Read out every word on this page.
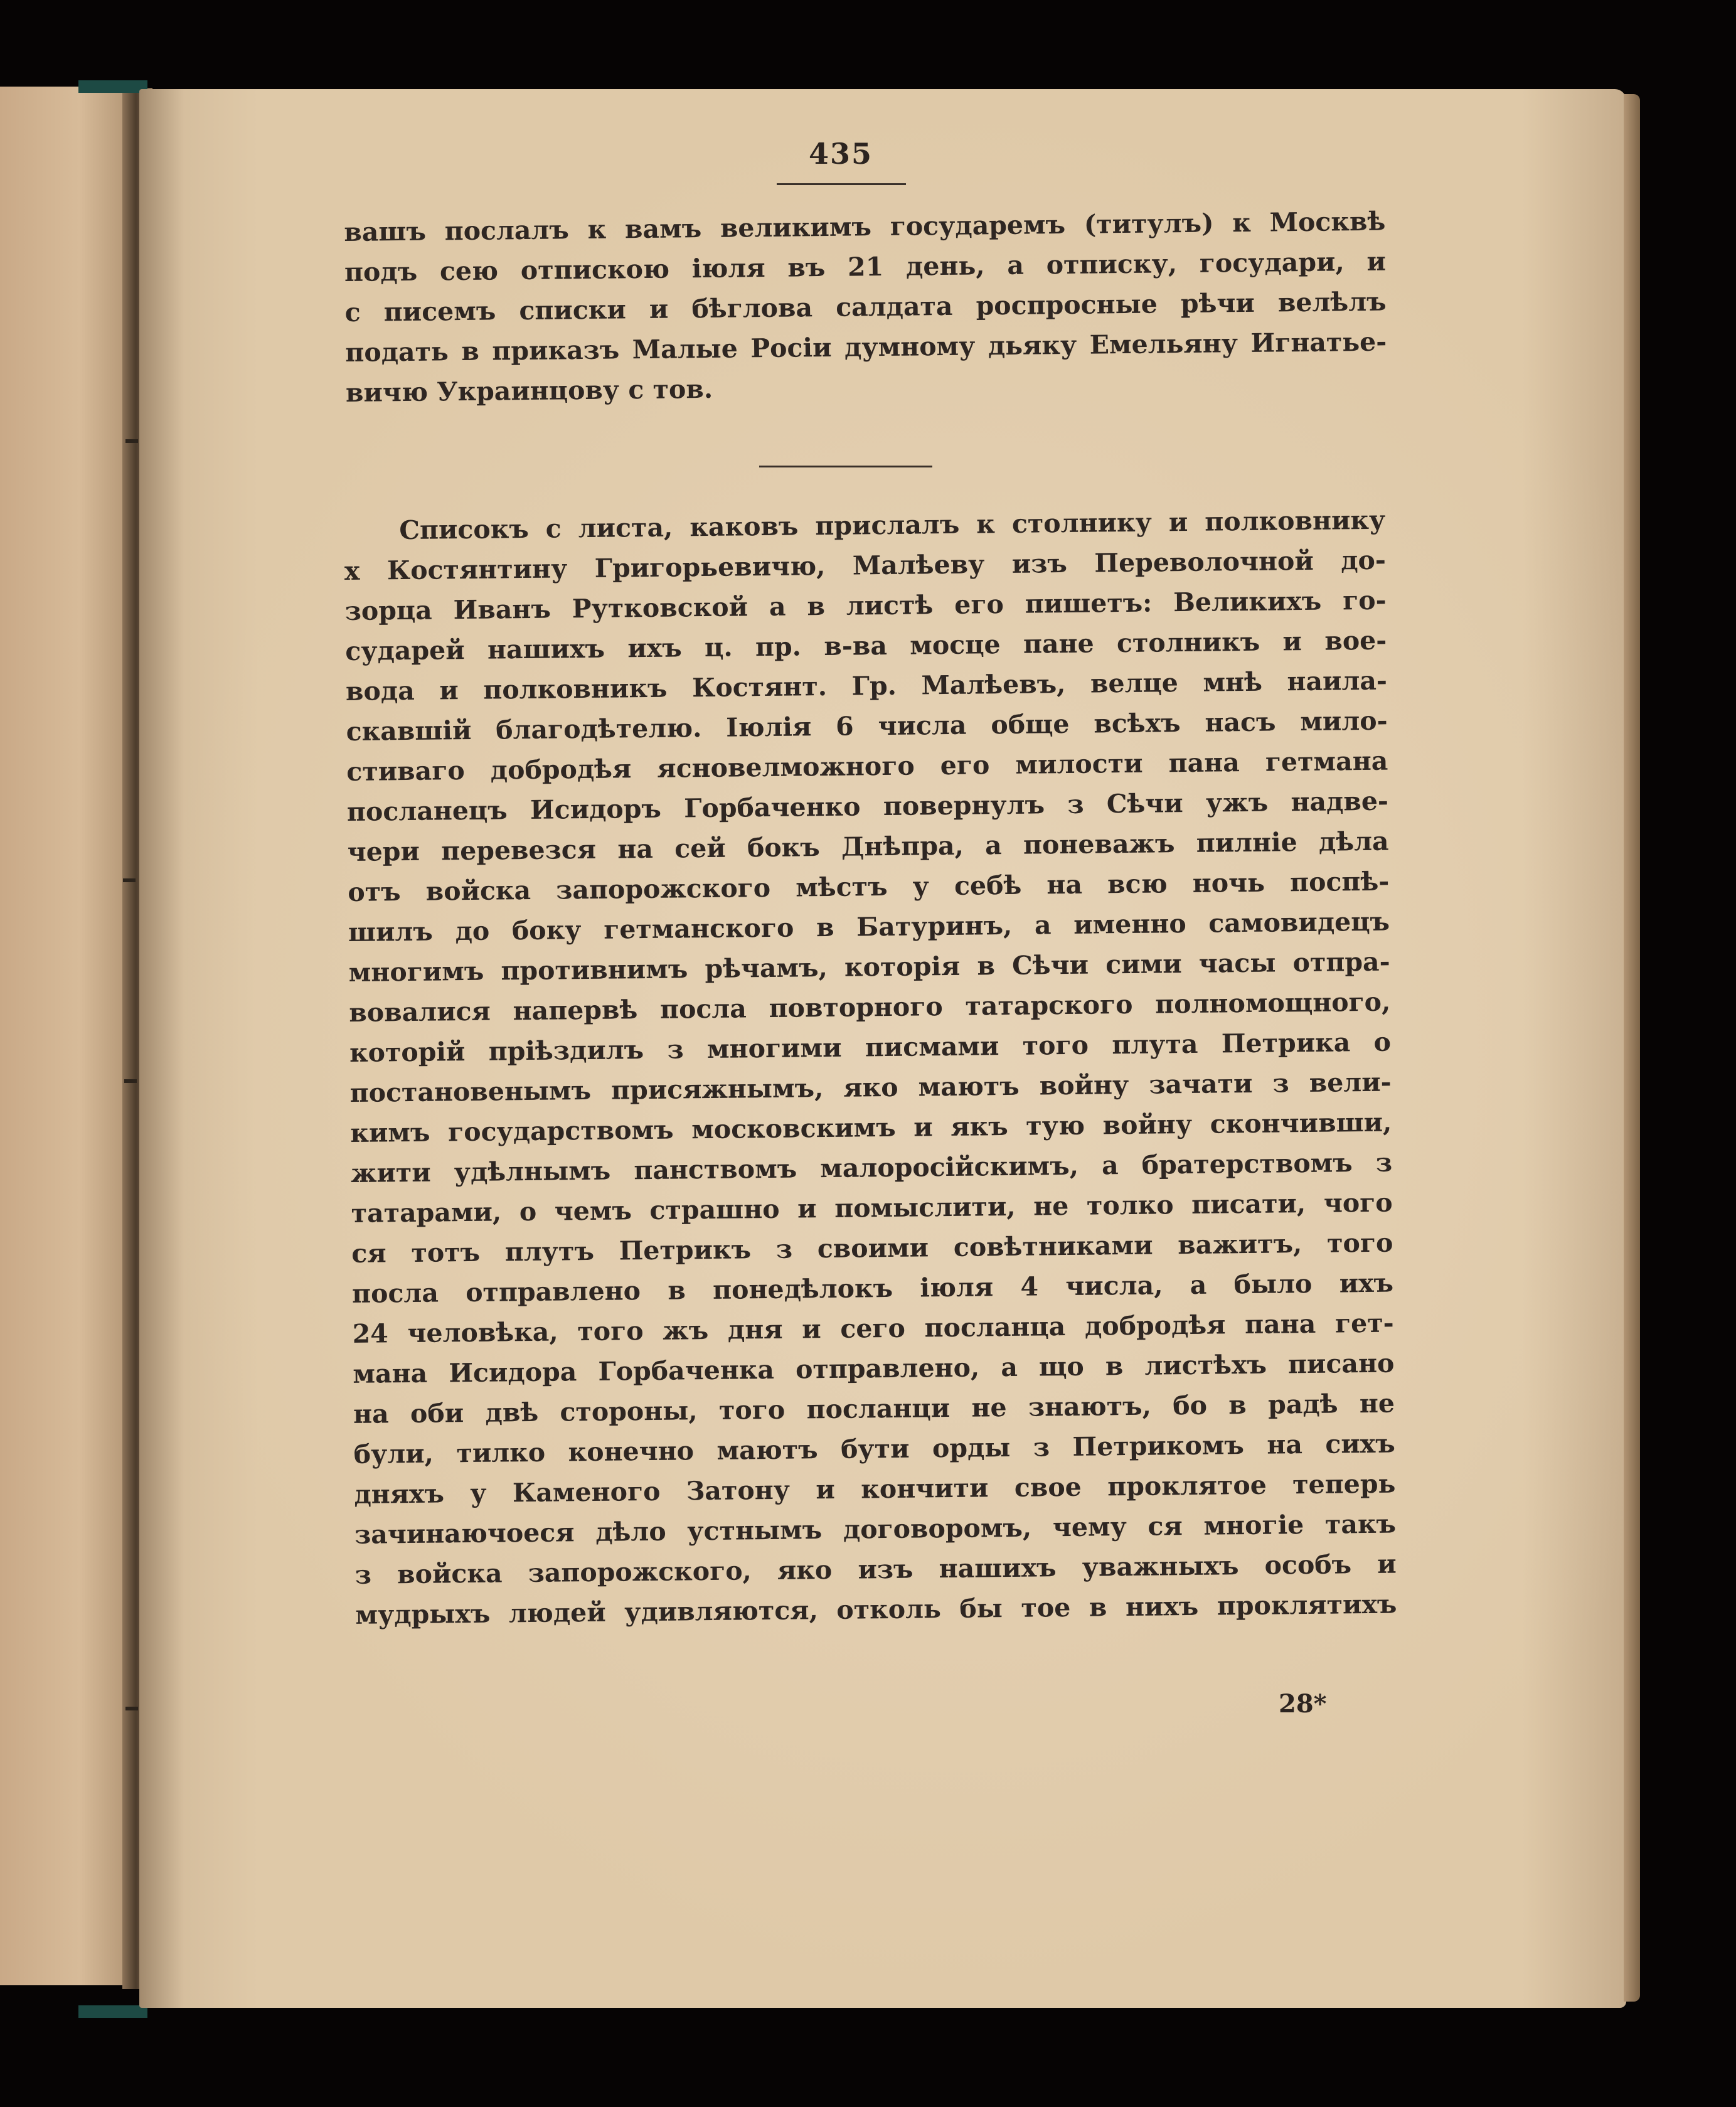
435
вашъ послалъ к вамъ великимъ государемъ (титулъ) к Москвѣ
подъ сею отпискою іюля въ 21 день, а отписку, государи, и
с писемъ списки и бѣглова салдата роспросные рѣчи велѣлъ
подать в приказъ Малые Росіи думному дьяку Емельяну Игнатье-
вичю Украинцову с тов.
Списокъ с листа, каковъ прислалъ к столнику и полковнику
х Костянтину Григорьевичю, Малѣеву изъ Переволочной до-
зорца Иванъ Рутковской а в листѣ его пишетъ: Великихъ го-
сударей нашихъ ихъ ц. пр. в-ва мосце пане столникъ и вое-
вода и полковникъ Костянт. Гр. Малѣевъ, велце мнѣ наила-
скавшій благодѣтелю. Іюлія 6 числа обще всѣхъ насъ мило-
стиваго добродѣя ясновелможного его милости пана гетмана
посланецъ Исидоръ Горбаченко повернулъ з Сѣчи ужъ надве-
чери перевезся на сей бокъ Днѣпра, а поневажъ пилніе дѣла
отъ войска запорожского мѣстъ у себѣ на всю ночь поспѣ-
шилъ до боку гетманского в Батуринъ, а именно самовидецъ
многимъ противнимъ рѣчамъ, которія в Сѣчи сими часы отпра-
вовалися напервѣ посла повторного татарского полномощного,
которій пріѣздилъ з многими писмами того плута Петрика о
постановенымъ присяжнымъ, яко маютъ войну зачати з вели-
кимъ государствомъ московскимъ и якъ тую войну скончивши,
жити удѣлнымъ панствомъ малоросійскимъ, а братерствомъ з
татарами, о чемъ страшно и помыслити, не толко писати, чого
ся тотъ плутъ Петрикъ з своими совѣтниками важитъ, того
посла отправлено в понедѣлокъ іюля 4 числа, а было ихъ
24 человѣка, того жъ дня и сего посланца добродѣя пана гет-
мана Исидора Горбаченка отправлено, а що в листѣхъ писано
на оби двѣ стороны, того посланци не знаютъ, бо в радѣ не
були, тилко конечно маютъ бути орды з Петрикомъ на сихъ
дняхъ у Каменого Затону и кончити свое проклятое теперь
зачинаючоеся дѣло устнымъ договоромъ, чему ся многіе такъ
з войска запорожского, яко изъ нашихъ уважныхъ особъ и
мудрыхъ людей удивляются, отколь бы тое в нихъ проклятихъ
28*
